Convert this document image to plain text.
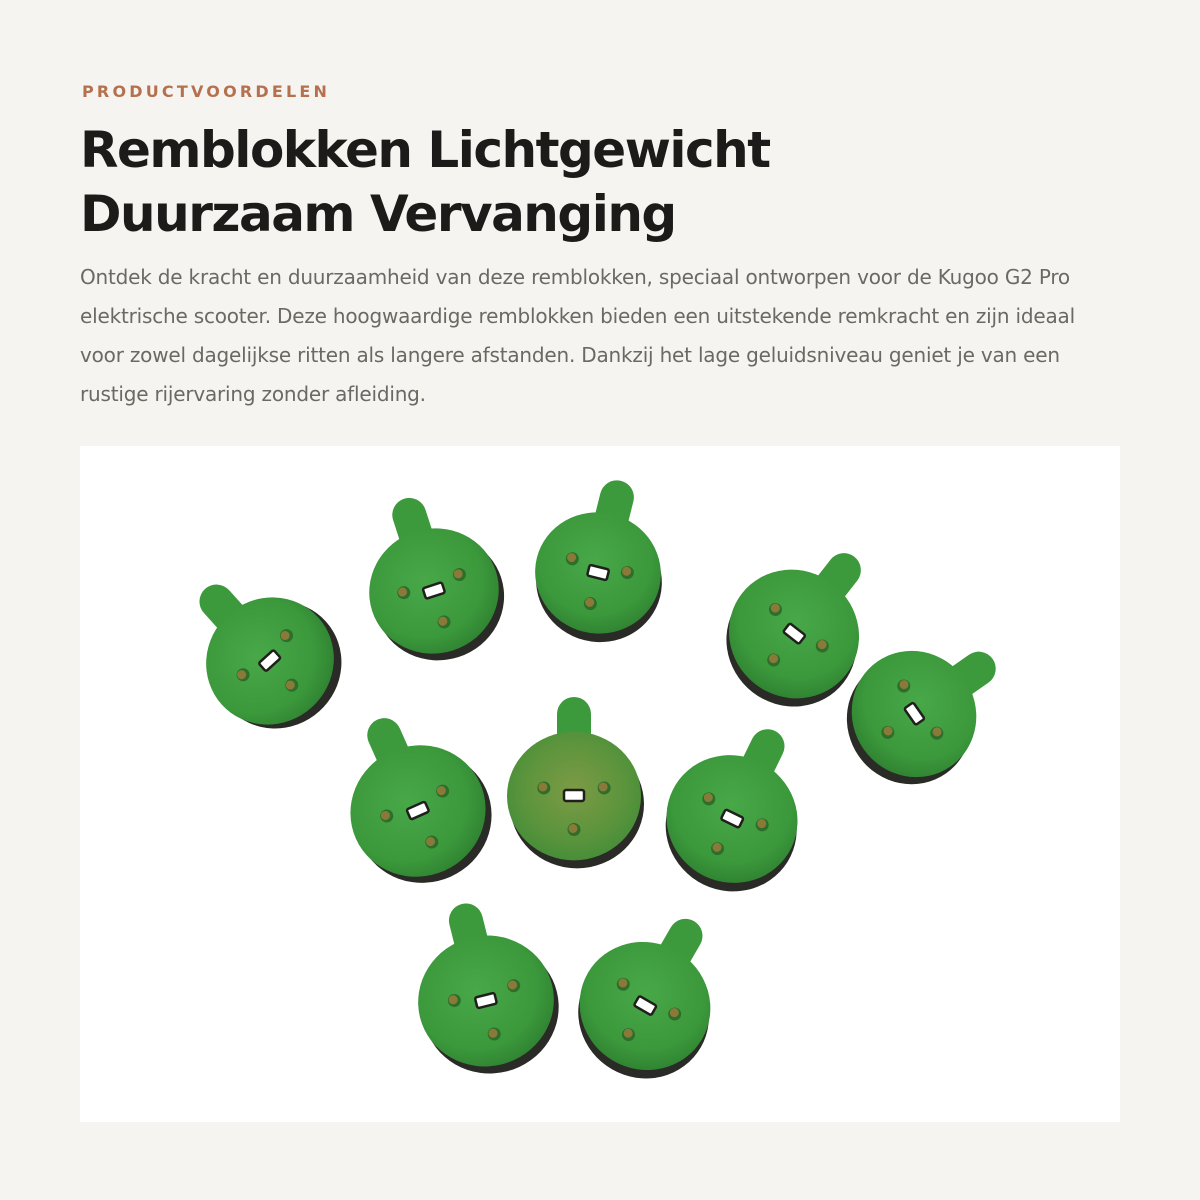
PRODUCTVOORDELEN
Remblokken Lichtgewicht
Duurzaam Vervanging

Ontdek de kracht en duurzaamheid van deze remblokken, speciaal ontworpen voor de Kugoo G2 Pro elektrische scooter. Deze hoogwaardige remblokken bieden een uitstekende remkracht en zijn ideaal voor zowel dagelijkse ritten als langere afstanden. Dankzij het lage geluidsniveau geniet je van een rustige rijervaring zonder afleiding.
